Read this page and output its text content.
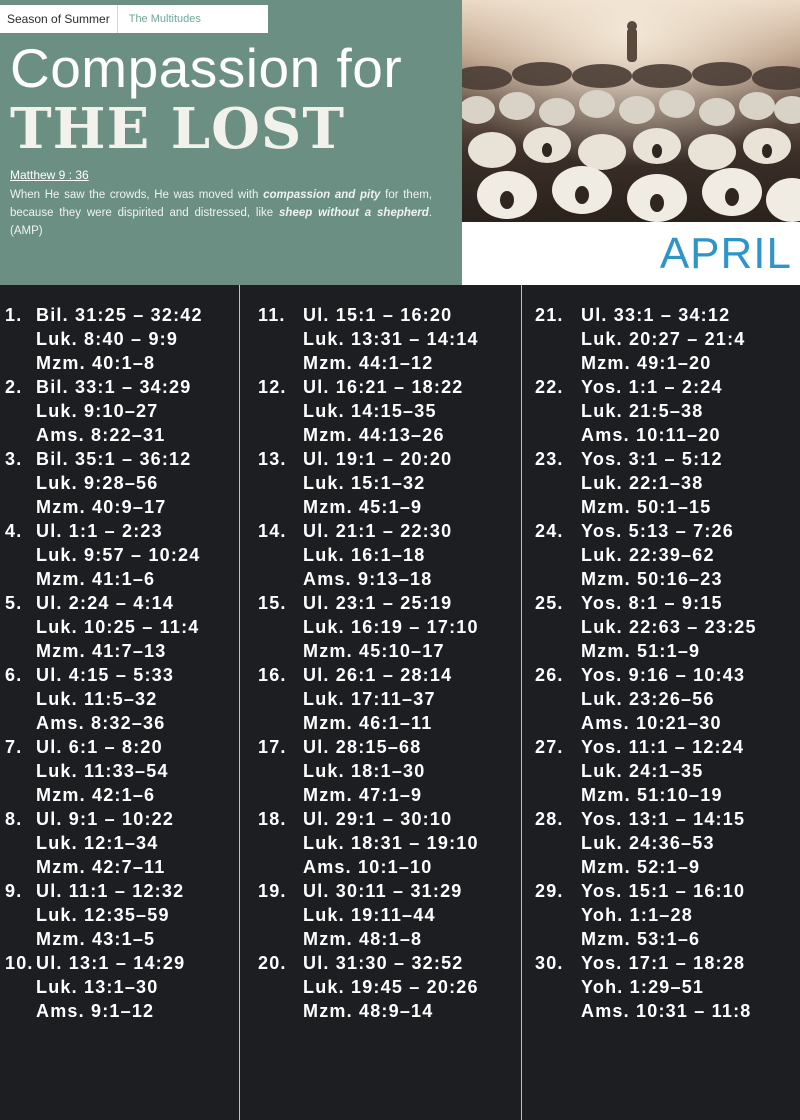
Season of Summer	The Multitudes
Compassion for
THE LOST
Matthew 9 : 36
When He saw the crowds, He was moved with compassion and pity for them, because they were dispirited and distressed, like sheep without a shepherd. (AMP)	APRIL
1. Bil. 31:25 – 32:42
Luk. 8:40 – 9:9
Mzm. 40:1–8
2. Bil. 33:1 – 34:29
Luk. 9:10–27
Ams. 8:22–31
3. Bil. 35:1 – 36:12
Luk. 9:28–56
Mzm. 40:9–17
4. Ul. 1:1 – 2:23
Luk. 9:57 – 10:24
Mzm. 41:1–6
5. Ul. 2:24 – 4:14
Luk. 10:25 – 11:4
Mzm. 41:7–13
6. Ul. 4:15 – 5:33
Luk. 11:5–32
Ams. 8:32–36
7. Ul. 6:1 – 8:20
Luk. 11:33–54
Mzm. 42:1–6
8. Ul. 9:1 – 10:22
Luk. 12:1–34
Mzm. 42:7–11
9. Ul. 11:1 – 12:32
Luk. 12:35–59
Mzm. 43:1–5
10. Ul. 13:1 – 14:29
Luk. 13:1–30
Ams. 9:1–12
11. Ul. 15:1 – 16:20
Luk. 13:31 – 14:14
Mzm. 44:1–12
12. Ul. 16:21 – 18:22
Luk. 14:15–35
Mzm. 44:13–26
13. Ul. 19:1 – 20:20
Luk. 15:1–32
Mzm. 45:1–9
14. Ul. 21:1 – 22:30
Luk. 16:1–18
Ams. 9:13–18
15. Ul. 23:1 – 25:19
Luk. 16:19 – 17:10
Mzm. 45:10–17
16. Ul. 26:1 – 28:14
Luk. 17:11–37
Mzm. 46:1–11
17. Ul. 28:15–68
Luk. 18:1–30
Mzm. 47:1–9
18. Ul. 29:1 – 30:10
Luk. 18:31 – 19:10
Ams. 10:1–10
19. Ul. 30:11 – 31:29
Luk. 19:11–44
Mzm. 48:1–8
20. Ul. 31:30 – 32:52
Luk. 19:45 – 20:26
Mzm. 48:9–14
21. Ul. 33:1 – 34:12
Luk. 20:27 – 21:4
Mzm. 49:1–20
22. Yos. 1:1 – 2:24
Luk. 21:5–38
Ams. 10:11–20
23. Yos. 3:1 – 5:12
Luk. 22:1–38
Mzm. 50:1–15
24. Yos. 5:13 – 7:26
Luk. 22:39–62
Mzm. 50:16–23
25. Yos. 8:1 – 9:15
Luk. 22:63 – 23:25
Mzm. 51:1–9
26. Yos. 9:16 – 10:43
Luk. 23:26–56
Ams. 10:21–30
27. Yos. 11:1 – 12:24
Luk. 24:1–35
Mzm. 51:10–19
28. Yos. 13:1 – 14:15
Luk. 24:36–53
Mzm. 52:1–9
29. Yos. 15:1 – 16:10
Yoh. 1:1–28
Mzm. 53:1–6
30. Yos. 17:1 – 18:28
Yoh. 1:29–51
Ams. 10:31 – 11:8
